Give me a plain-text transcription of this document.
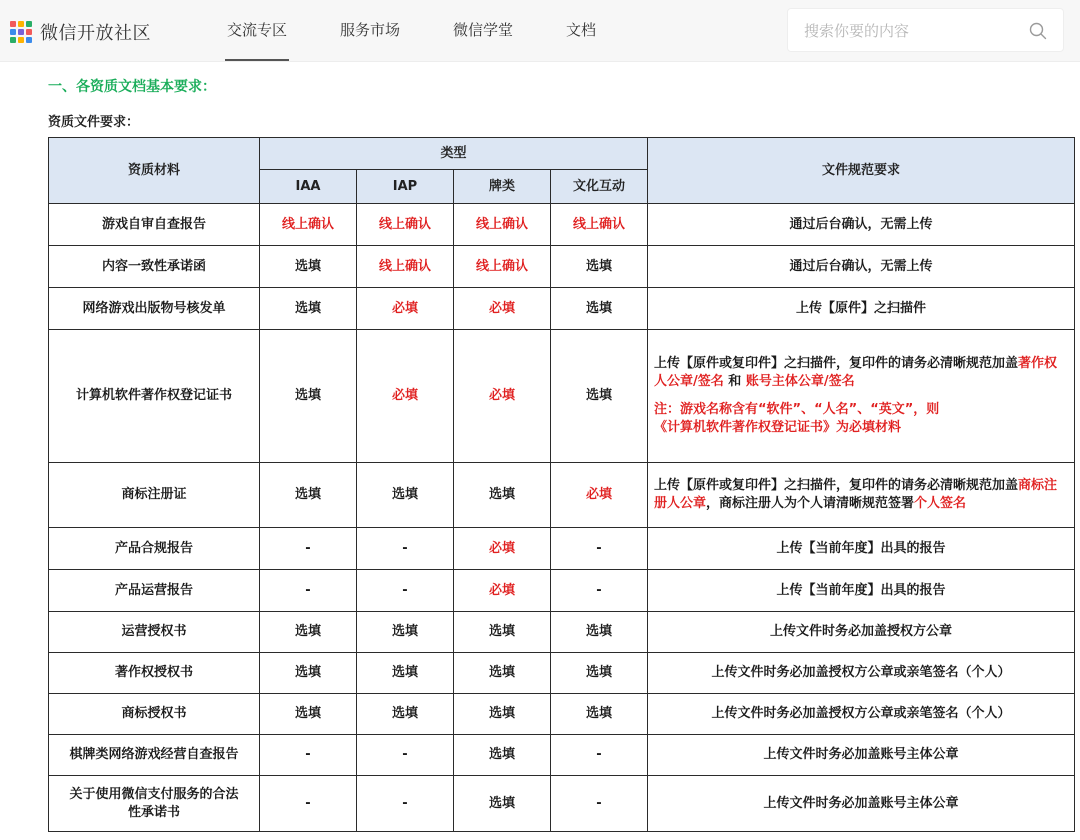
微信开放社区	交流专区	服务市场	微信学堂	文档
搜索你要的内容
一、各资质文档基本要求：
资质文件要求：
资质材料	类型				文件规范要求
	IAA	IAP	牌类	文化互动	
游戏自审自查报告	线上确认	线上确认	线上确认	线上确认	通过后台确认，无需上传
内容一致性承诺函	选填	线上确认	线上确认	选填	通过后台确认，无需上传
网络游戏出版物号核发单	选填	必填	必填	选填	上传【原件】之扫描件
计算机软件著作权登记证书	选填	必填	必填	选填	上传【原件或复印件】之扫描件，复印件的请务必清晰规范加盖著作权人公章/签名 和 账号主体公章/签名
注：游戏名称含有“软件”、“人名”、“英文”，则
《计算机软件著作权登记证书》为必填材料
商标注册证	选填	选填	选填	必填	上传【原件或复印件】之扫描件，复印件的请务必清晰规范加盖商标注册人公章，商标注册人为个人请清晰规范签署个人签名
产品合规报告	-	-	必填	-	上传【当前年度】出具的报告
产品运营报告	-	-	必填	-	上传【当前年度】出具的报告
运营授权书	选填	选填	选填	选填	上传文件时务必加盖授权方公章
著作权授权书	选填	选填	选填	选填	上传文件时务必加盖授权方公章或亲笔签名（个人）
商标授权书	选填	选填	选填	选填	上传文件时务必加盖授权方公章或亲笔签名（个人）
棋牌类网络游戏经营自查报告	-	-	选填	-	上传文件时务必加盖账号主体公章
关于使用微信支付服务的合法
性承诺书	-	-	选填	-	上传文件时务必加盖账号主体公章
